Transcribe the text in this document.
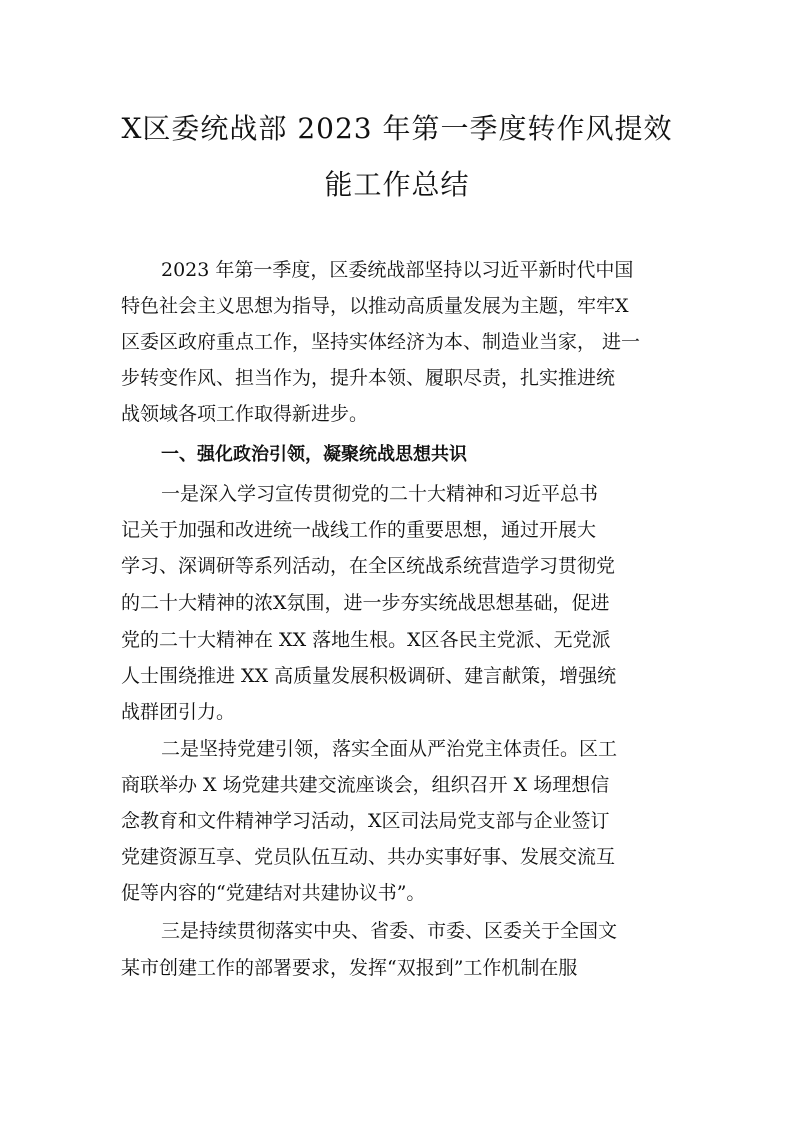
X区委统战部 2023 年第一季度转作风提效
能工作总结
2023 年第一季度，区委统战部坚持以习近平新时代中国
特色社会主义思想为指导，以推动高质量发展为主题，牢牢X
区委区政府重点工作，坚持实体经济为本、制造业当家， 进一
步转变作风、担当作为，提升本领、履职尽责，扎实推进统
战领域各项工作取得新进步。
一、强化政治引领，凝聚统战思想共识
一是深入学习宣传贯彻党的二十大精神和习近平总书
记关于加强和改进统一战线工作的重要思想，通过开展大
学习、深调研等系列活动，在全区统战系统营造学习贯彻党
的二十大精神的浓X氛围，进一步夯实统战思想基础，促进
党的二十大精神在 XX 落地生根。X区各民主党派、无党派
人士围绕推进 XX 高质量发展积极调研、建言献策，增强统
战群团引力。
二是坚持党建引领，落实全面从严治党主体责任。区工
商联举办 X 场党建共建交流座谈会，组织召开 X 场理想信
念教育和文件精神学习活动，X区司法局党支部与企业签订
党建资源互享、党员队伍互动、共办实事好事、发展交流互
促等内容的“党建结对共建协议书”。
三是持续贯彻落实中央、省委、市委、区委关于全国文
某市创建工作的部署要求，发挥“双报到”工作机制在服
